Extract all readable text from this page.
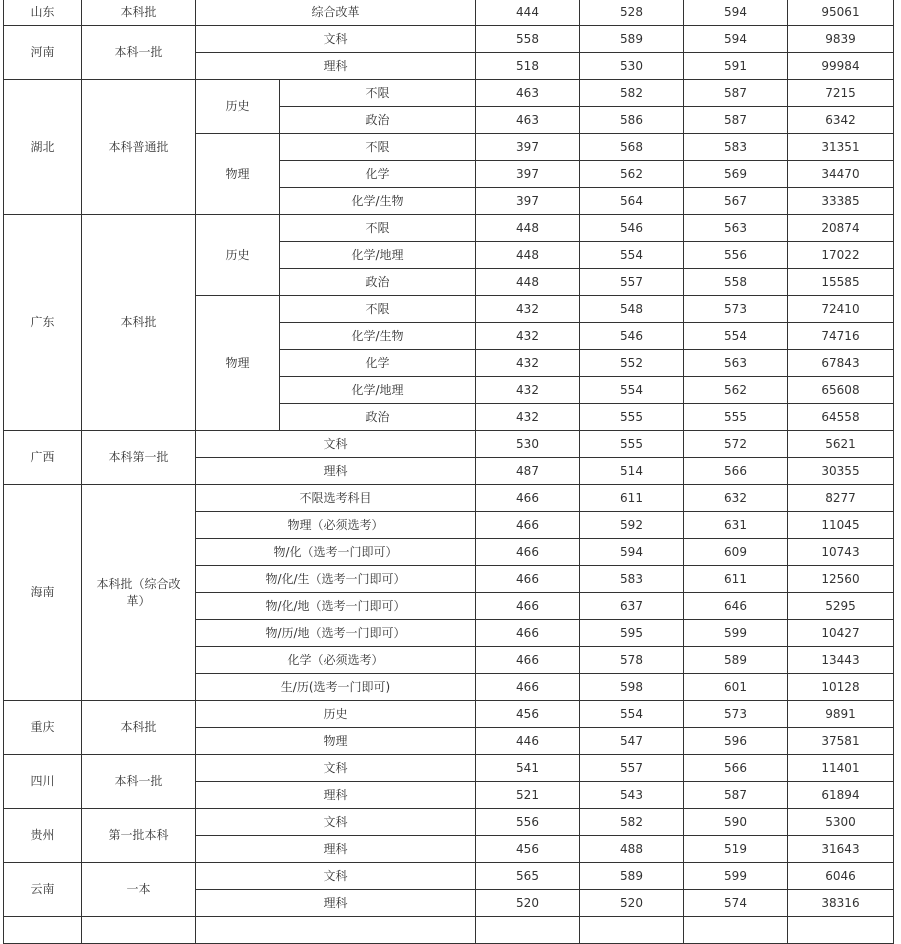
山东	本科批	综合改革		444	528	594	95061
河南	本科一批	文科		558	589	594	9839
		理科		518	530	591	99984
湖北	本科普通批	历史	不限	463	582	587	7215
			政治	463	586	587	6342
		物理	不限	397	568	583	31351
			化学	397	562	569	34470
			化学/生物	397	564	567	33385
广东	本科批	历史	不限	448	546	563	20874
			化学/地理	448	554	556	17022
			政治	448	557	558	15585
		物理	不限	432	548	573	72410
			化学/生物	432	546	554	74716
			化学	432	552	563	67843
			化学/地理	432	554	562	65608
			政治	432	555	555	64558
广西	本科第一批	文科		530	555	572	5621
		理科		487	514	566	30355
海南	本科批（综合改革）	不限选考科目		466	611	632	8277
		物理（必须选考）		466	592	631	11045
		物/化（选考一门即可）		466	594	609	10743
		物/化/生（选考一门即可）		466	583	611	12560
		物/化/地（选考一门即可）		466	637	646	5295
		物/历/地（选考一门即可）		466	595	599	10427
		化学（必须选考）		466	578	589	13443
		生/历(选考一门即可)		466	598	601	10128
重庆	本科批	历史		456	554	573	9891
		物理		446	547	596	37581
四川	本科一批	文科		541	557	566	11401
		理科		521	543	587	61894
贵州	第一批本科	文科		556	582	590	5300
		理科		456	488	519	31643
云南	一本	文科		565	589	599	6046
		理科		520	520	574	38316
